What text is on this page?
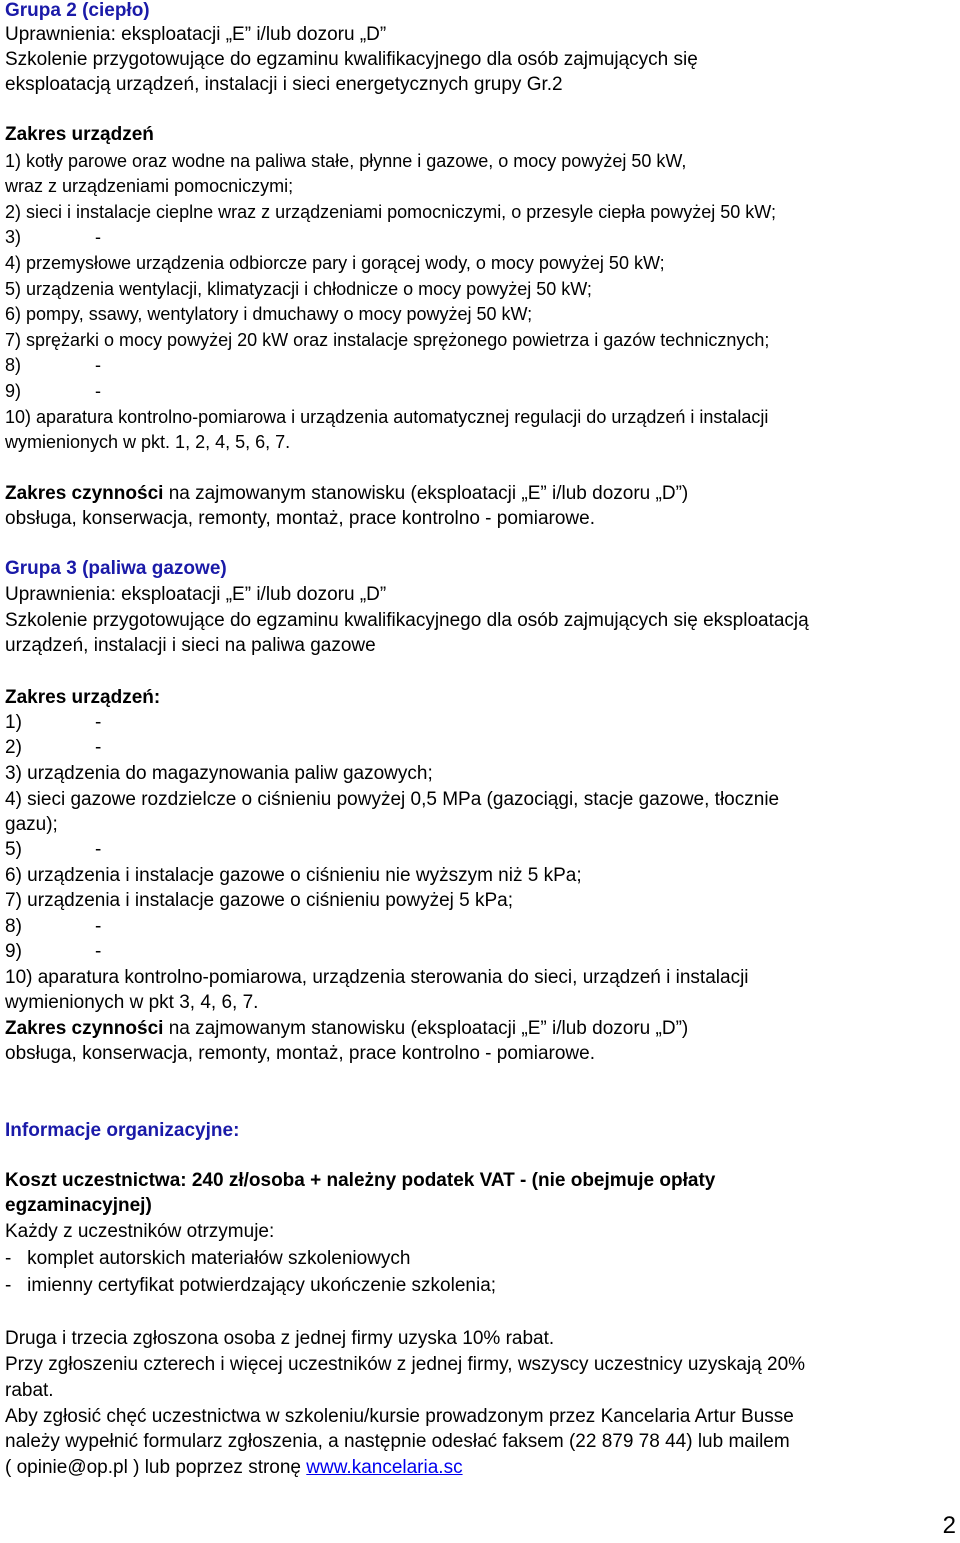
Grupa 2 (ciepło)
Uprawnienia: eksploatacji „E” i/lub dozoru „D”
Szkolenie przygotowujące do egzaminu kwalifikacyjnego dla osób zajmujących się
eksploatacją urządzeń, instalacji i sieci energetycznych grupy Gr.2
Zakres urządzeń
1) kotły parowe oraz wodne na paliwa stałe, płynne i gazowe, o mocy powyżej 50 kW,
wraz z urządzeniami pomocniczymi;
2) sieci i instalacje cieplne wraz z urządzeniami pomocniczymi, o przesyle ciepła powyżej 50 kW;
3)	-
4) przemysłowe urządzenia odbiorcze pary i gorącej wody, o mocy powyżej 50 kW;
5) urządzenia wentylacji, klimatyzacji i chłodnicze o mocy powyżej 50 kW;
6) pompy, ssawy, wentylatory i dmuchawy o mocy powyżej 50 kW;
7) sprężarki o mocy powyżej 20 kW oraz instalacje sprężonego powietrza i gazów technicznych;
8)	-
9)	-
10) aparatura kontrolno-pomiarowa i urządzenia automatycznej regulacji do urządzeń i instalacji
wymienionych w pkt. 1, 2, 4, 5, 6, 7.
Zakres czynności na zajmowanym stanowisku (eksploatacji „E” i/lub dozoru „D”)
obsługa, konserwacja, remonty, montaż, prace kontrolno - pomiarowe.
Grupa 3 (paliwa gazowe)
Uprawnienia: eksploatacji „E” i/lub dozoru „D”
Szkolenie przygotowujące do egzaminu kwalifikacyjnego dla osób zajmujących się eksploatacją
urządzeń, instalacji i sieci na paliwa gazowe
Zakres urządzeń:
1)	-
2)	-
3) urządzenia do magazynowania paliw gazowych;
4) sieci gazowe rozdzielcze o ciśnieniu powyżej 0,5 MPa (gazociągi, stacje gazowe, tłocznie
gazu);
5)	-
6) urządzenia i instalacje gazowe o ciśnieniu nie wyższym niż 5 kPa;
7) urządzenia i instalacje gazowe o ciśnieniu powyżej 5 kPa;
8)	-
9)	-
10) aparatura kontrolno-pomiarowa, urządzenia sterowania do sieci, urządzeń i instalacji
wymienionych w pkt 3, 4, 6, 7.
Zakres czynności na zajmowanym stanowisku (eksploatacji „E” i/lub dozoru „D”)
obsługa, konserwacja, remonty, montaż, prace kontrolno - pomiarowe.
Informacje organizacyjne:
Koszt uczestnictwa: 240 zł/osoba + należny podatek VAT - (nie obejmuje opłaty
egzaminacyjnej)
Każdy z uczestników otrzymuje:
-   komplet autorskich materiałów szkoleniowych
-   imienny certyfikat potwierdzający ukończenie szkolenia;
Druga i trzecia zgłoszona osoba z jednej firmy uzyska 10% rabat.
Przy zgłoszeniu czterech i więcej uczestników z jednej firmy, wszyscy uczestnicy uzyskają 20%
rabat.
Aby zgłosić chęć uczestnictwa w szkoleniu/kursie prowadzonym przez Kancelaria Artur Busse
należy wypełnić formularz zgłoszenia, a następnie odesłać faksem (22 879 78 44) lub mailem
( opinie@op.pl ) lub poprzez stronę www.kancelaria.sc
2
